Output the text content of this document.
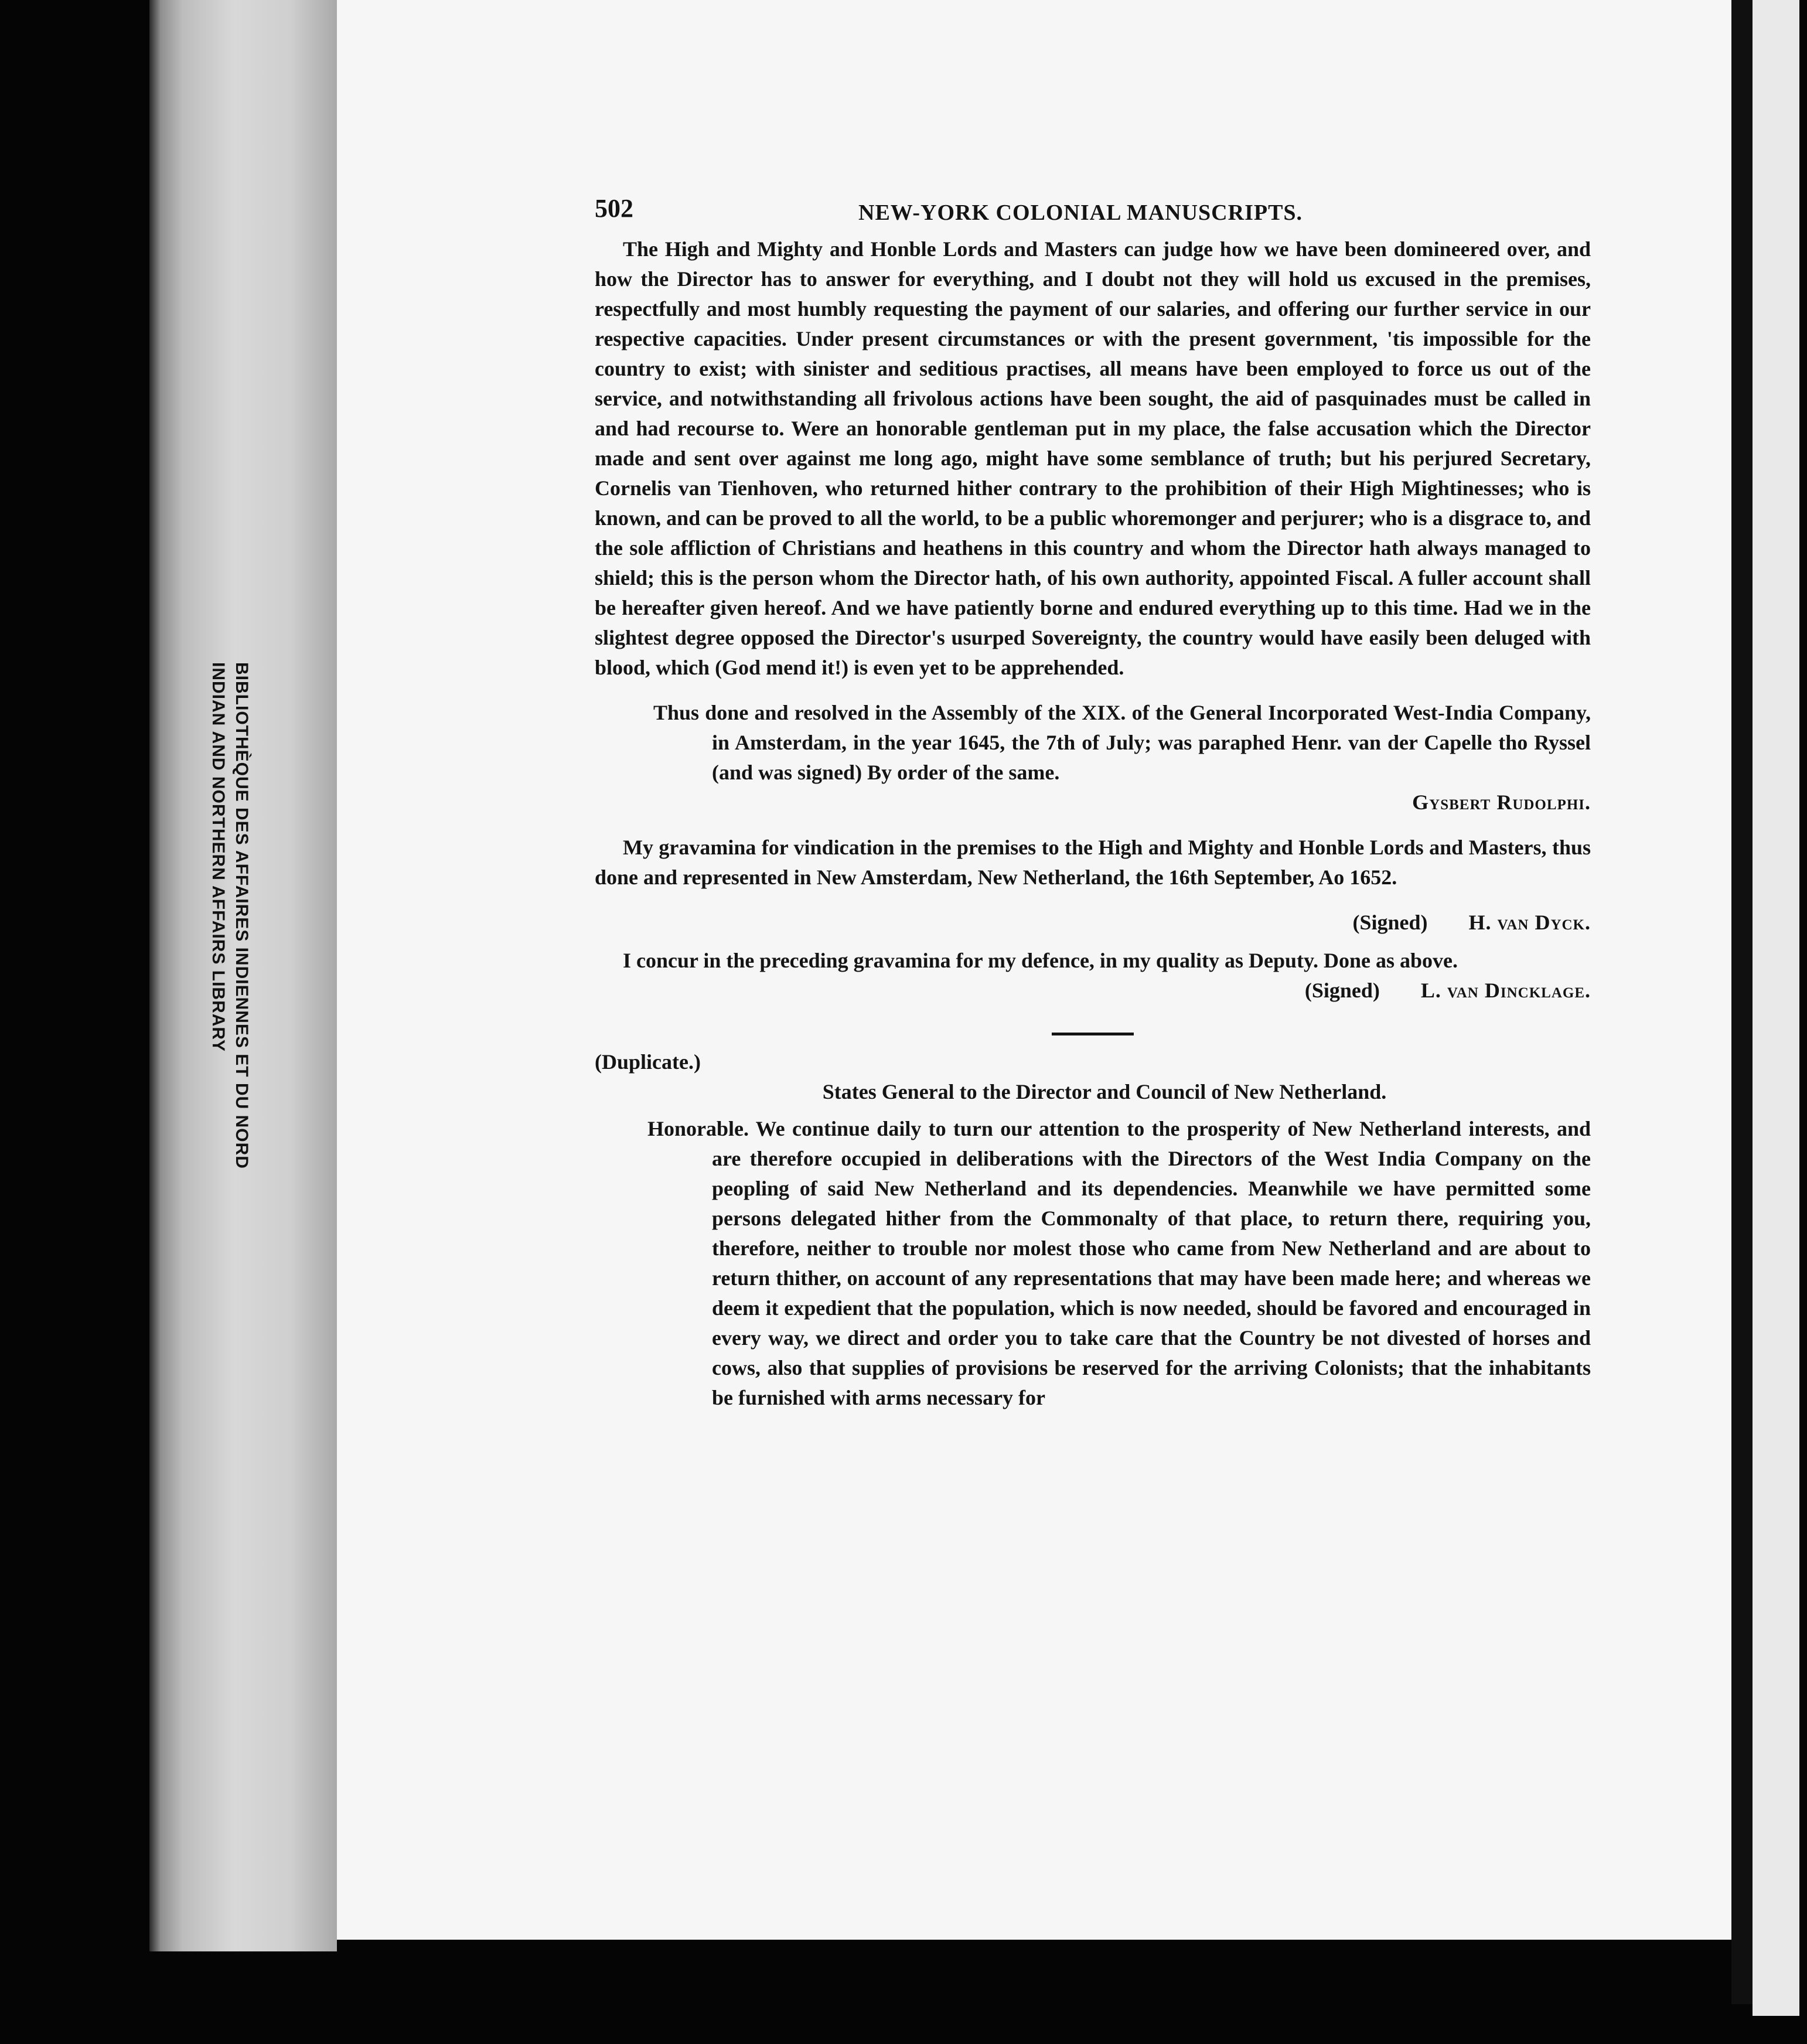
BIBLIOTHÈQUE DES AFFAIRES INDIENNES ET DU NORD
INDIAN AND NORTHERN AFFAIRS LIBRARY
502	NEW-YORK COLONIAL MANUSCRIPTS.

The High and Mighty and Honble Lords and Masters can judge how we have been domineered over, and how the Director has to answer for everything, and I doubt not they will hold us excused in the premises, respectfully and most humbly requesting the payment of our salaries, and offering our further service in our respective capacities. Under present circumstances or with the present government, 'tis impossible for the country to exist; with sinister and seditious practises, all means have been employed to force us out of the service, and notwithstanding all frivolous actions have been sought, the aid of pasquinades must be called in and had recourse to. Were an honorable gentleman put in my place, the false accusation which the Director made and sent over against me long ago, might have some semblance of truth; but his perjured Secretary, Cornelis van Tienhoven, who returned hither contrary to the prohibition of their High Mightinesses; who is known, and can be proved to all the world, to be a public whoremonger and perjurer; who is a disgrace to, and the sole affliction of Christians and heathens in this country and whom the Director hath always managed to shield; this is the person whom the Director hath, of his own authority, appointed Fiscal. A fuller account shall be hereafter given hereof. And we have patiently borne and endured everything up to this time. Had we in the slightest degree opposed the Director's usurped Sovereignty, the country would have easily been deluged with blood, which (God mend it!) is even yet to be apprehended.

Thus done and resolved in the Assembly of the XIX. of the General Incorporated West-India Company, in Amsterdam, in the year 1645, the 7th of July; was paraphed Henr. van der Capelle tho Ryssel (and was signed) By order of the same.

Gysbert Rudolphi.

My gravamina for vindication in the premises to the High and Mighty and Honble Lords and Masters, thus done and represented in New Amsterdam, New Netherland, the 16th September, Ao 1652.

(Signed) H. van Dyck.

I concur in the preceding gravamina for my defence, in my quality as Deputy. Done as above.

(Signed) L. van Dincklage.

(Duplicate.)

States General to the Director and Council of New Netherland.

Honorable. We continue daily to turn our attention to the prosperity of New Netherland interests, and are therefore occupied in deliberations with the Directors of the West India Company on the peopling of said New Netherland and its dependencies. Meanwhile we have permitted some persons delegated hither from the Commonalty of that place, to return there, requiring you, therefore, neither to trouble nor molest those who came from New Netherland and are about to return thither, on account of any representations that may have been made here; and whereas we deem it expedient that the population, which is now needed, should be favored and encouraged in every way, we direct and order you to take care that the Country be not divested of horses and cows, also that supplies of provisions be reserved for the arriving Colonists; that the inhabitants be furnished with arms necessary for
